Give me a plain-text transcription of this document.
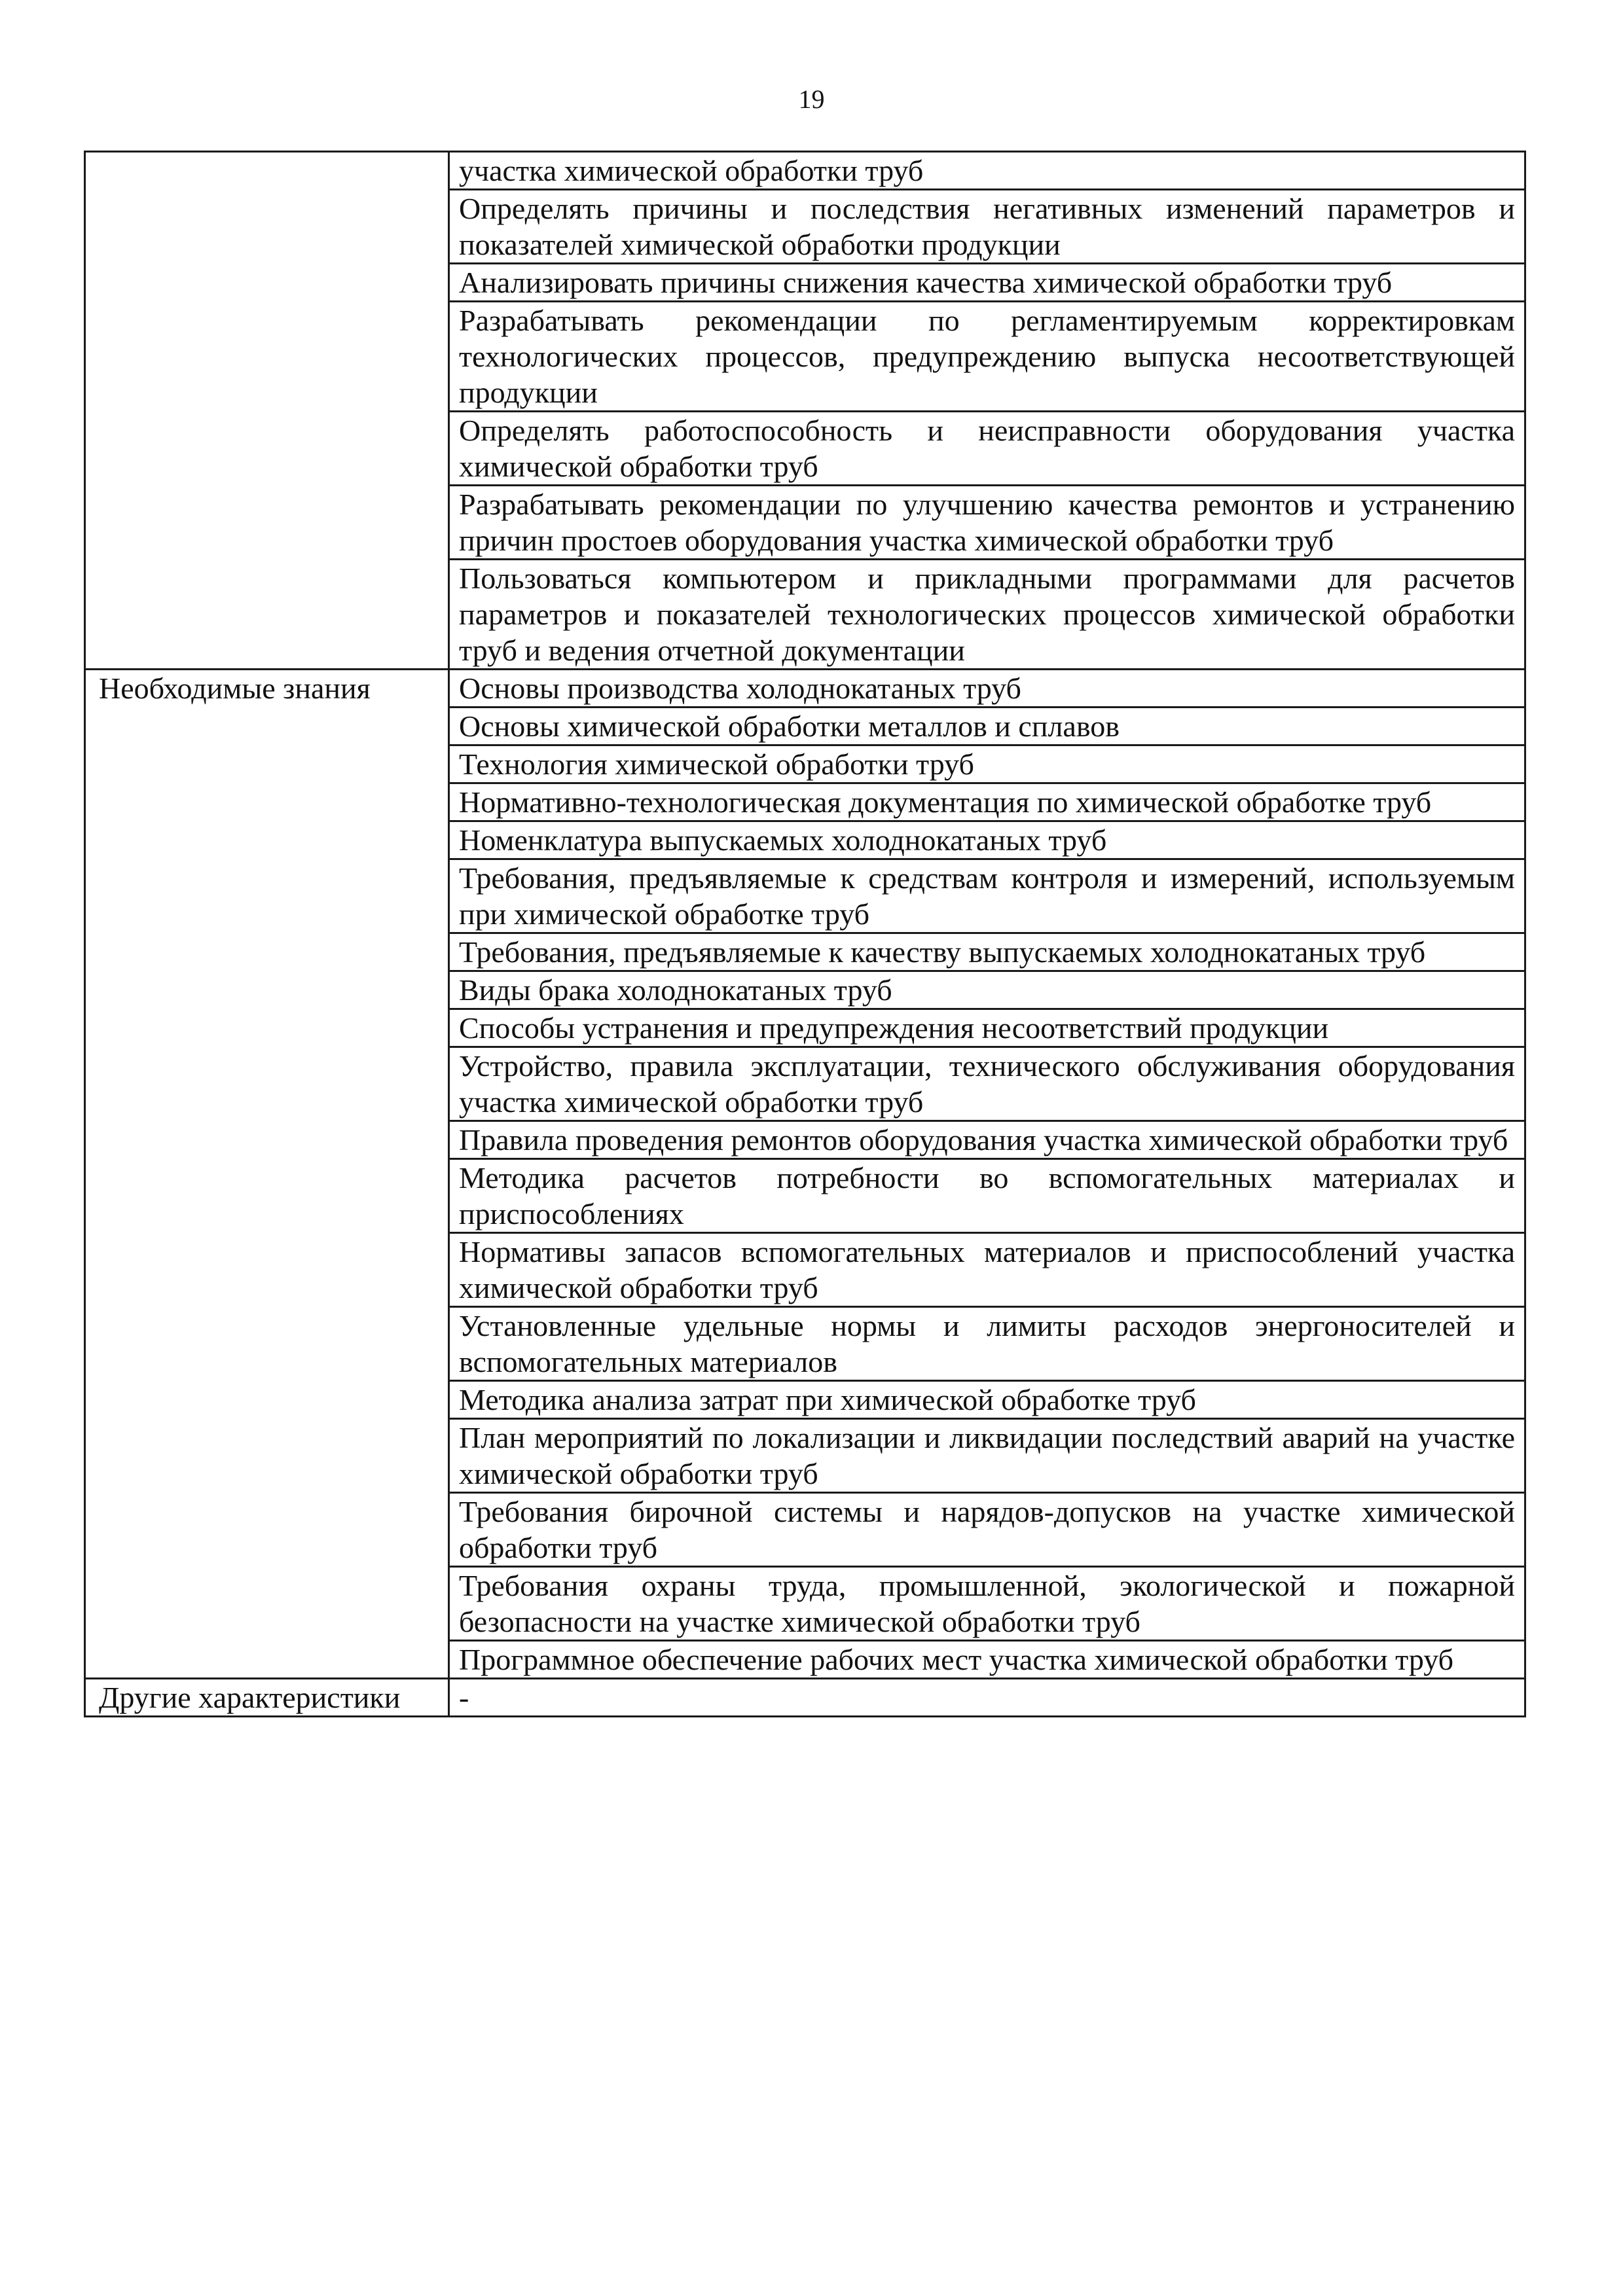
19
	участка химической обработки труб
	Определять причины и последствия негативных изменений параметров и показателей химической обработки продукции
	Анализировать причины снижения качества химической обработки труб
	Разрабатывать рекомендации по регламентируемым корректировкам технологических процессов, предупреждению выпуска несоответствующей продукции
	Определять работоспособность и неисправности оборудования участка химической обработки труб
	Разрабатывать рекомендации по улучшению качества ремонтов и устранению причин простоев оборудования участка химической обработки труб
	Пользоваться компьютером и прикладными программами для расчетов параметров и показателей технологических процессов химической обработки труб и ведения отчетной документации
Необходимые знания	Основы производства холоднокатаных труб
	Основы химической обработки металлов и сплавов
	Технология химической обработки труб
	Нормативно-технологическая документация по химической обработке труб
	Номенклатура выпускаемых холоднокатаных труб
	Требования, предъявляемые к средствам контроля и измерений, используемым при химической обработке труб
	Требования, предъявляемые к качеству выпускаемых холоднокатаных труб
	Виды брака холоднокатаных труб
	Способы устранения и предупреждения несоответствий продукции
	Устройство, правила эксплуатации, технического обслуживания оборудования участка химической обработки труб
	Правила проведения ремонтов оборудования участка химической обработки труб
	Методика расчетов потребности во вспомогательных материалах и приспособлениях
	Нормативы запасов вспомогательных материалов и приспособлений участка химической обработки труб
	Установленные удельные нормы и лимиты расходов энергоносителей и вспомогательных материалов
	Методика анализа затрат при химической обработке труб
	План мероприятий по локализации и ликвидации последствий аварий на участке химической обработки труб
	Требования бирочной системы и нарядов-допусков на участке химической обработки труб
	Требования охраны труда, промышленной, экологической и пожарной безопасности на участке химической обработки труб
	Программное обеспечение рабочих мест участка химической обработки труб
Другие характеристики	-
